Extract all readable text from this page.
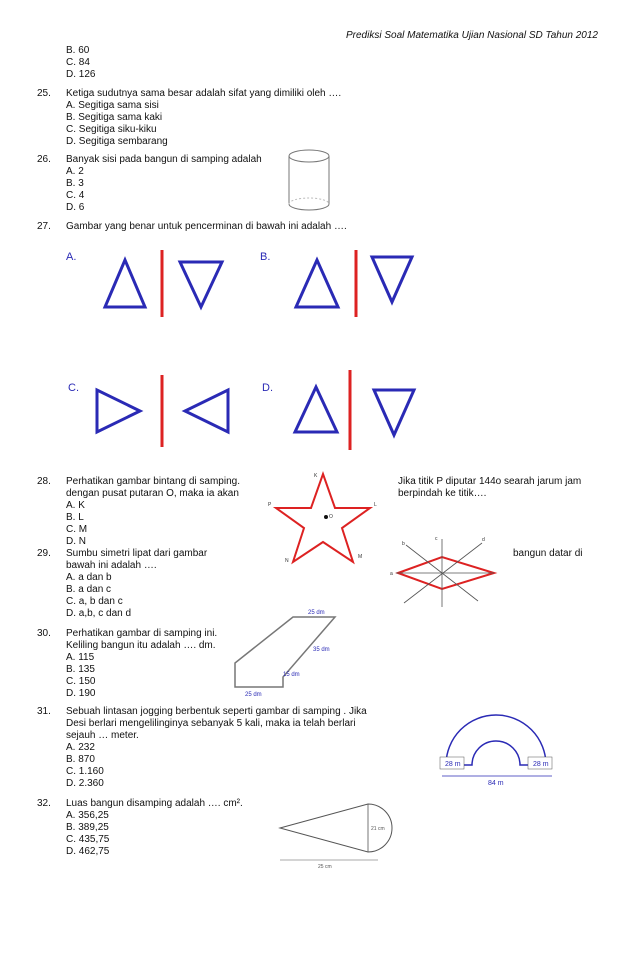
Prediksi Soal Matematika Ujian Nasional SD Tahun 2012
B. 60
C. 84
D. 126
25. Ketiga sudutnya sama besar adalah sifat yang dimiliki oleh ….
A. Segitiga sama sisi
B. Segitiga sama kaki
C. Segitiga siku-kiku
D. Segitiga sembarang
26. Banyak sisi pada bangun di samping adalah
A. 2
B. 3
C. 4
D. 6
27. Gambar yang benar untuk pencerminan di bawah ini adalah ….
A.	B.
C.	D.
28. Perhatikan gambar bintang di samping.
dengan pusat putaran O, maka ia akan
Jika titik P diputar 144o searah jarum jam
berpindah ke titik….
A. K
B. L
C. M
D. N
K
L
P
O
M
N
29. Sumbu simetri lipat dari gambar	bangun datar di
bawah ini adalah ….
A. a dan b
B. a dan c
C. a, b dan c
D. a,b, c dan d
a
b
c	d
30. Perhatikan gambar di samping ini.
Keliling bangun itu adalah …. dm.
A. 115
B. 135
C. 150
D. 190
25 dm
35 dm
15 dm
25 dm
31. Sebuah lintasan jogging berbentuk seperti gambar di samping . Jika
Desi berlari mengelilinginya sebanyak 5 kali, maka ia telah berlari
sejauh … meter.
A. 232
B. 870
C. 1.160
D. 2.360
28 m	28 m
84 m
32. Luas bangun disamping adalah …. cm².
A. 356,25
B. 389,25
C. 435,75
D. 462,75
21 cm
25 cm
